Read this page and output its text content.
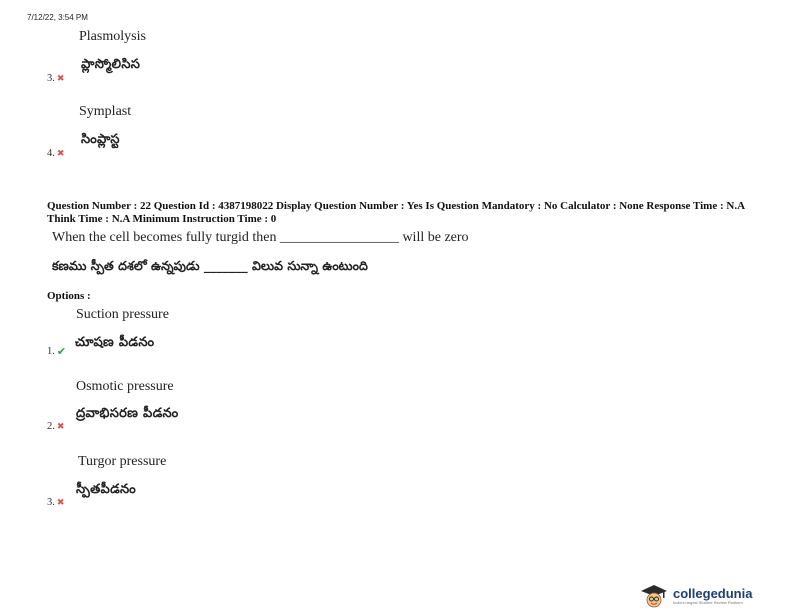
7/12/22, 3:54 PM
Plasmolysis
ప్లాస్మోలిసిస
3. ✖
Symplast
సింప్లాస్ట
4. ✖
Question Number : 22 Question Id : 4387198022 Display Question Number : Yes Is Question Mandatory : No Calculator : None Response Time : N.A Think Time : N.A Minimum Instruction Time : 0
When the cell becomes fully turgid then _________________ will be zero
కణము స్పీత దశలో ఉన్నపుడు _______ విలువ సున్నా ఉంటుంది
Options :
Suction pressure
చూషణ పీడనం
1. ✔
Osmotic pressure
ద్రవాభిసరణ పీడనం
2. ✖
Turgor pressure
స్పీతపీడనం
3. ✖
collegedunia
India's largest Student Review Platform
